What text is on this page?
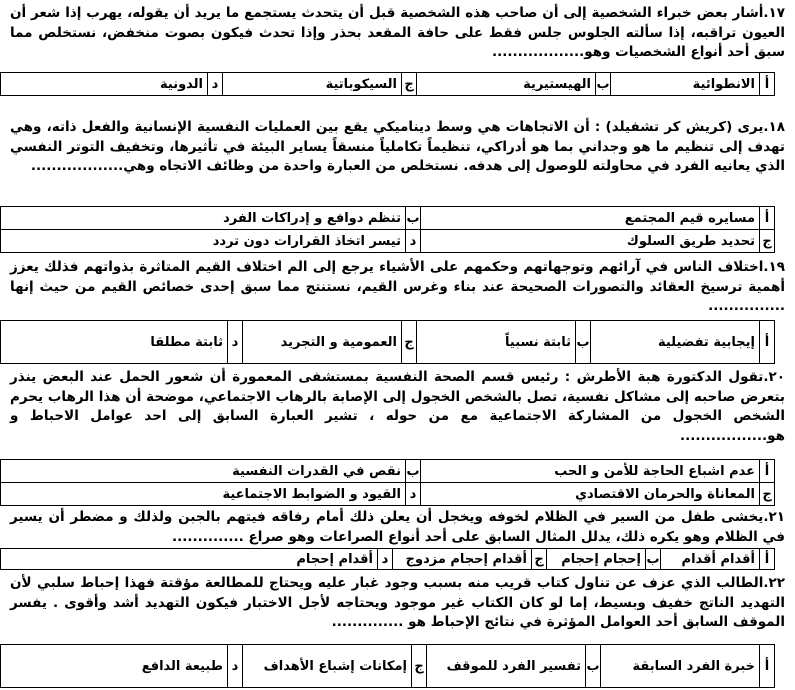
١٧.أشار بعض خبراء الشخصية إلى أن صاحب هذه الشخصية قبل أن يتحدث يستجمع ما يريد أن يقوله، يهرب إذا شعر أن العيون تراقبه، إذا سألته الجلوس جلس فقط على حافة المقعد بحذر وإذا تحدث فيكون بصوت منخفض، نستخلص مما سبق أحد أنواع الشخصيات وهو..................
أ	الانطوائية	ب	الهيستيرية	ج	السيكوباتية	د	الدونية
١٨.يرى (كريش كر تشفيلد) : أن الاتجاهات هي وسط ديناميكي يقع بين العمليات النفسية الإنسانية والفعل ذاته، وهي تهدف إلى تنظيم ما هو وجداني بما هو أدراكي، تنظيماً تكاملياً منسقاً يساير البيئة في تأثيرها، وتخفيف التوتر النفسي الذي يعانيه الفرد في محاولته للوصول إلى هدفه. نستخلص من العبارة واحدة من وظائف الاتجاه وهي..................
أ	مسايره قيم المجتمع	ب	تنظم دوافع و إدراكات الفرد
ج	تحديد طريق السلوك	د	تيسر اتخاذ القرارات دون تردد
١٩.اختلاف الناس في آرائهم وتوجهاتهم وحكمهم على الأشياء يرجع إلى الم اختلاف القيم المتاثرة بذواتهم فذلك يعزز أهمية ترسيخ العقائد والتصورات الصحيحة عند بناء وغرس القيم، نستنتج مما سبق إحدى خصائص القيم من حيث إنها ...............
أ	إيجابية تفضيلية	ب	ثابتة نسبياً	ج	العمومية و التجريد	د	ثابتة مطلقا
٢٠.تقول الدكتورة هبة الأطرش : رئيس قسم الصحة النفسية بمستشفى المعمورة أن شعور الحمل عند البعض ينذر بتعرض صاحبه إلى مشاكل نفسية، تصل بالشخص الخجول إلى الإصابة بالرهاب الاجتماعي، موضحة أن هذا الرهاب يحرم الشخص الخجول من المشاركة الاجتماعية مع من حوله ، تشير العبارة السابق إلى احد عوامل الاحباط و هو.................
أ	عدم اشباع الحاجة للأمن و الحب	ب	نقص في القدرات النفسية
ج	المعاناة والحرمان الاقتصادي	د	القيود و الضوابط الاجتماعية
٢١.يخشى طفل من السير في الظلام لخوفه ويخجل أن يعلن ذلك أمام رفاقه فيتهم بالجبن ولذلك و مضطر أن يسير في الظلام وهو يكره ذلك، يدلل المثال السابق على أحد أنواع الصراعات وهو صراع ..............
أ	أقدام أقدام	ب	إحجام إحجام	ج	أقدام إحجام مزدوج	د	أقدام إحجام
٢٢.الطالب الذي عزف عن تناول كتاب قريب منه بسبب وجود غبار عليه ويحتاج للمطالعة مؤقتة فهذا إحباط سلبي لأن التهديد الناتج خفيف وبسيط، إما لو كان الكتاب غير موجود ويحتاجه لأجل الاختبار فيكون التهديد أشد وأقوى . يفسر الموقف السابق أحد العوامل المؤثرة في نتائج الإحباط هو ..............
أ	خبرة الفرد السابقة	ب	تفسير الفرد للموقف	ج	إمكانات إشباع الأهداف	د	طبيعة الدافع
